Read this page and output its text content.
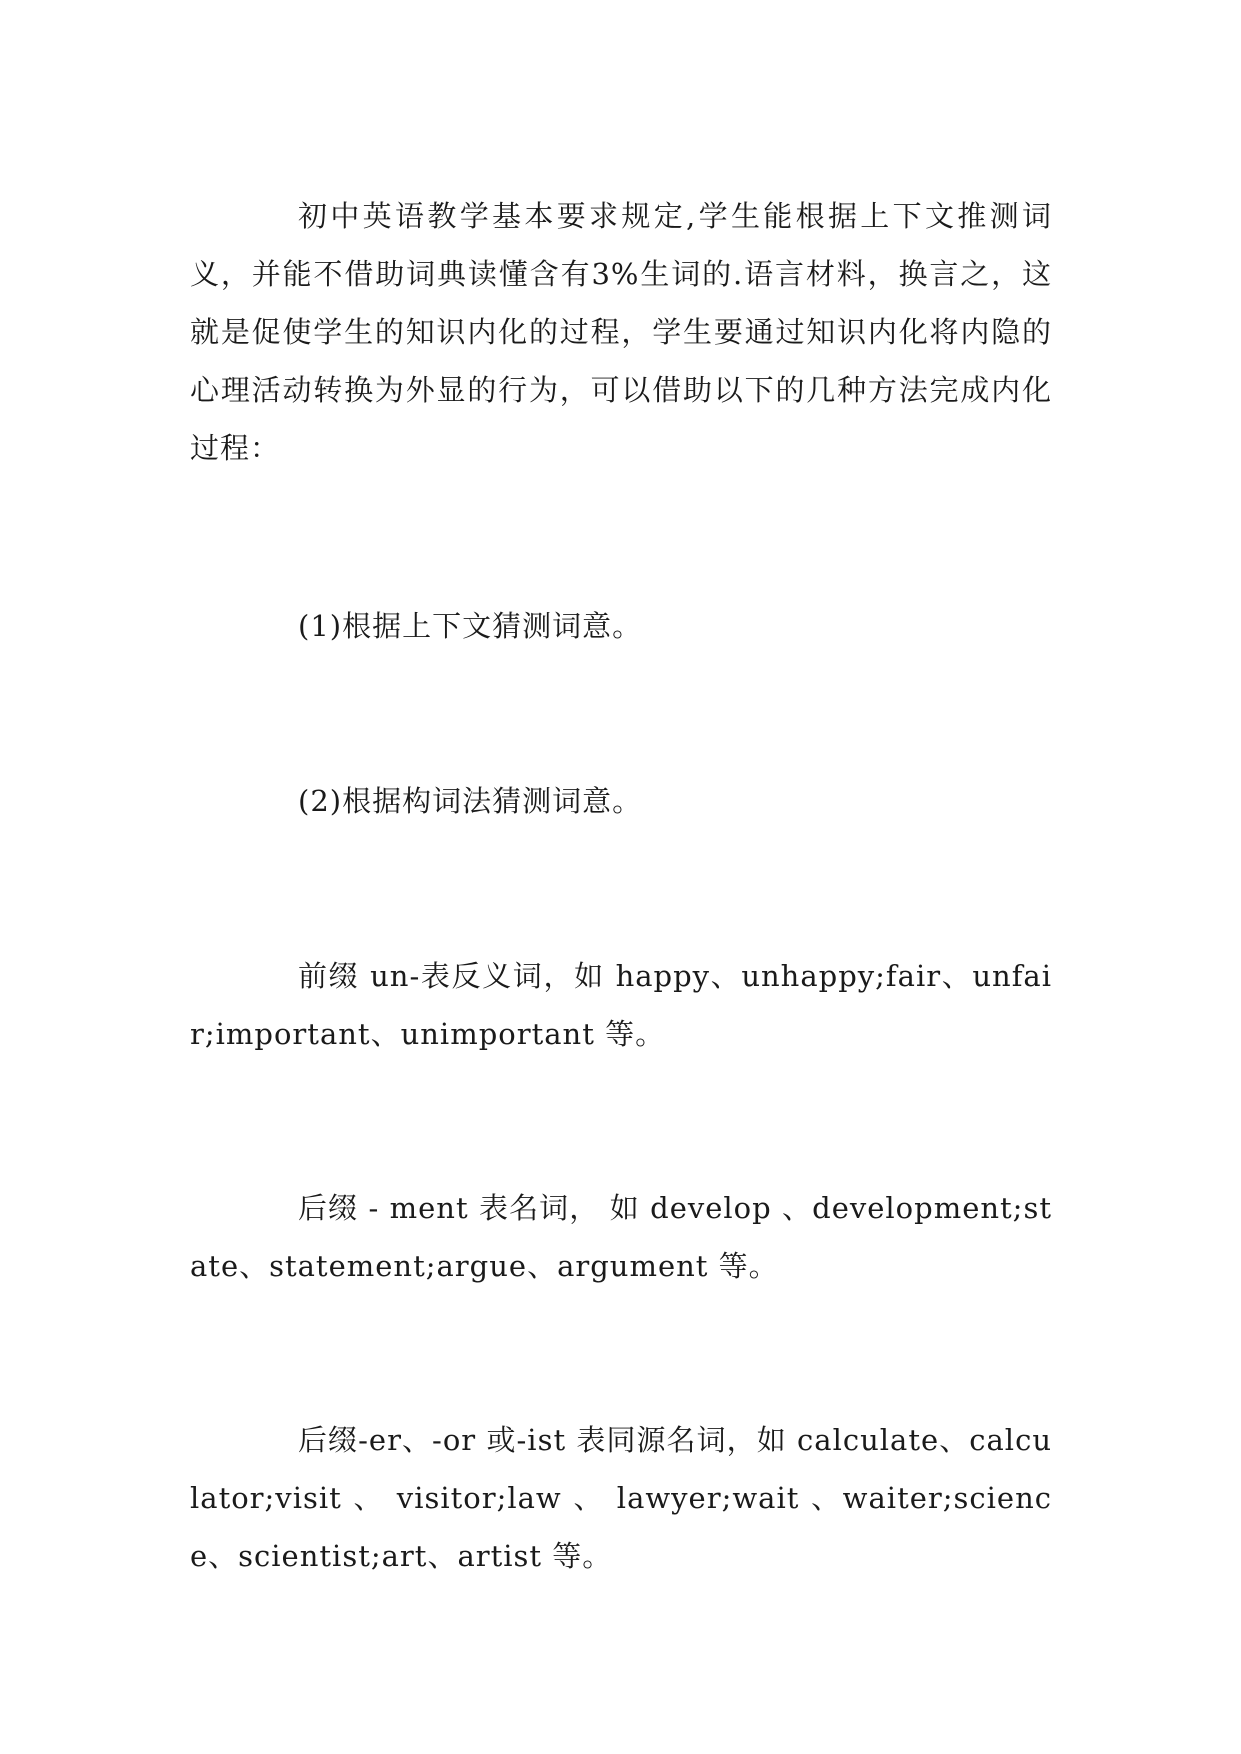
初中英语教学基本要求规定,学生能根据上下文推测词义，并能不借助词典读懂含有3%生词的.语言材料，换言之，这就是促使学生的知识内化的过程，学生要通过知识内化将内隐的心理活动转换为外显的行为，可以借助以下的几种方法完成内化过程：

(1)根据上下文猜测词意。

(2)根据构词法猜测词意。

前缀 un-表反义词，如 happy、unhappy;fair、unfair;important、unimportant 等。

后缀 - ment 表名词， 如 develop 、development;state、statement;argue、argument 等。

后缀-er、-or 或-ist 表同源名词，如 calculate、calculator;visit 、 visitor;law 、 lawyer;wait 、waiter;science、scientist;art、artist 等。
